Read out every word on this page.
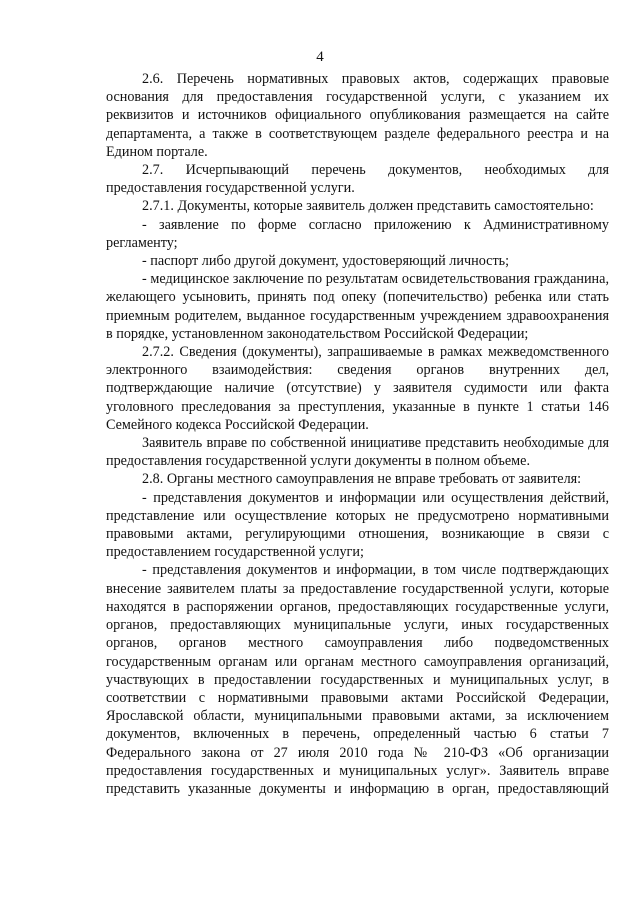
4

2.6. Перечень нормативных правовых актов, содержащих правовые основания для предоставления государственной услуги, с указанием их реквизитов и источников официального опубликования размещается на сайте департамента, а также в соответствующем разделе федерального реестра и на Едином портале.

2.7. Исчерпывающий перечень документов, необходимых для предоставления государственной услуги.

2.7.1. Документы, которые заявитель должен представить самостоятельно:

- заявление по форме согласно приложению к Административному регламенту;

- паспорт либо другой документ, удостоверяющий личность;

- медицинское заключение по результатам освидетельствования гражданина, желающего усыновить, принять под опеку (попечительство) ребенка или стать приемным родителем, выданное государственным учреждением здравоохранения в порядке, установленном законодательством Российской Федерации;

2.7.2. Сведения (документы), запрашиваемые в рамках межведомственного электронного взаимодействия: сведения органов внутренних дел, подтверждающие наличие (отсутствие) у заявителя судимости или факта уголовного преследования за преступления, указанные в пункте 1 статьи 146 Семейного кодекса Российской Федерации.

Заявитель вправе по собственной инициативе представить необходимые для предоставления государственной услуги документы в полном объеме.

2.8. Органы местного самоуправления не вправе требовать от заявителя:

- представления документов и информации или осуществления действий, представление или осуществление которых не предусмотрено нормативными правовыми актами, регулирующими отношения, возникающие в связи с предоставлением государственной услуги;

- представления документов и информации, в том числе подтверждающих внесение заявителем платы за предоставление государственной услуги, которые находятся в распоряжении органов, предоставляющих государственные услуги, органов, предоставляющих муниципальные услуги, иных государственных органов, органов местного самоуправления либо подведомственных государственным органам или органам местного самоуправления организаций, участвующих в предоставлении государственных и муниципальных услуг, в соответствии с нормативными правовыми актами Российской Федерации, Ярославской области, муниципальными правовыми актами, за исключением документов, включенных в перечень, определенный частью 6 статьи 7 Федерального закона от 27 июля 2010 года № 210-ФЗ «Об организации предоставления государственных и муниципальных услуг». Заявитель вправе представить указанные документы и информацию в орган, предоставляющий
